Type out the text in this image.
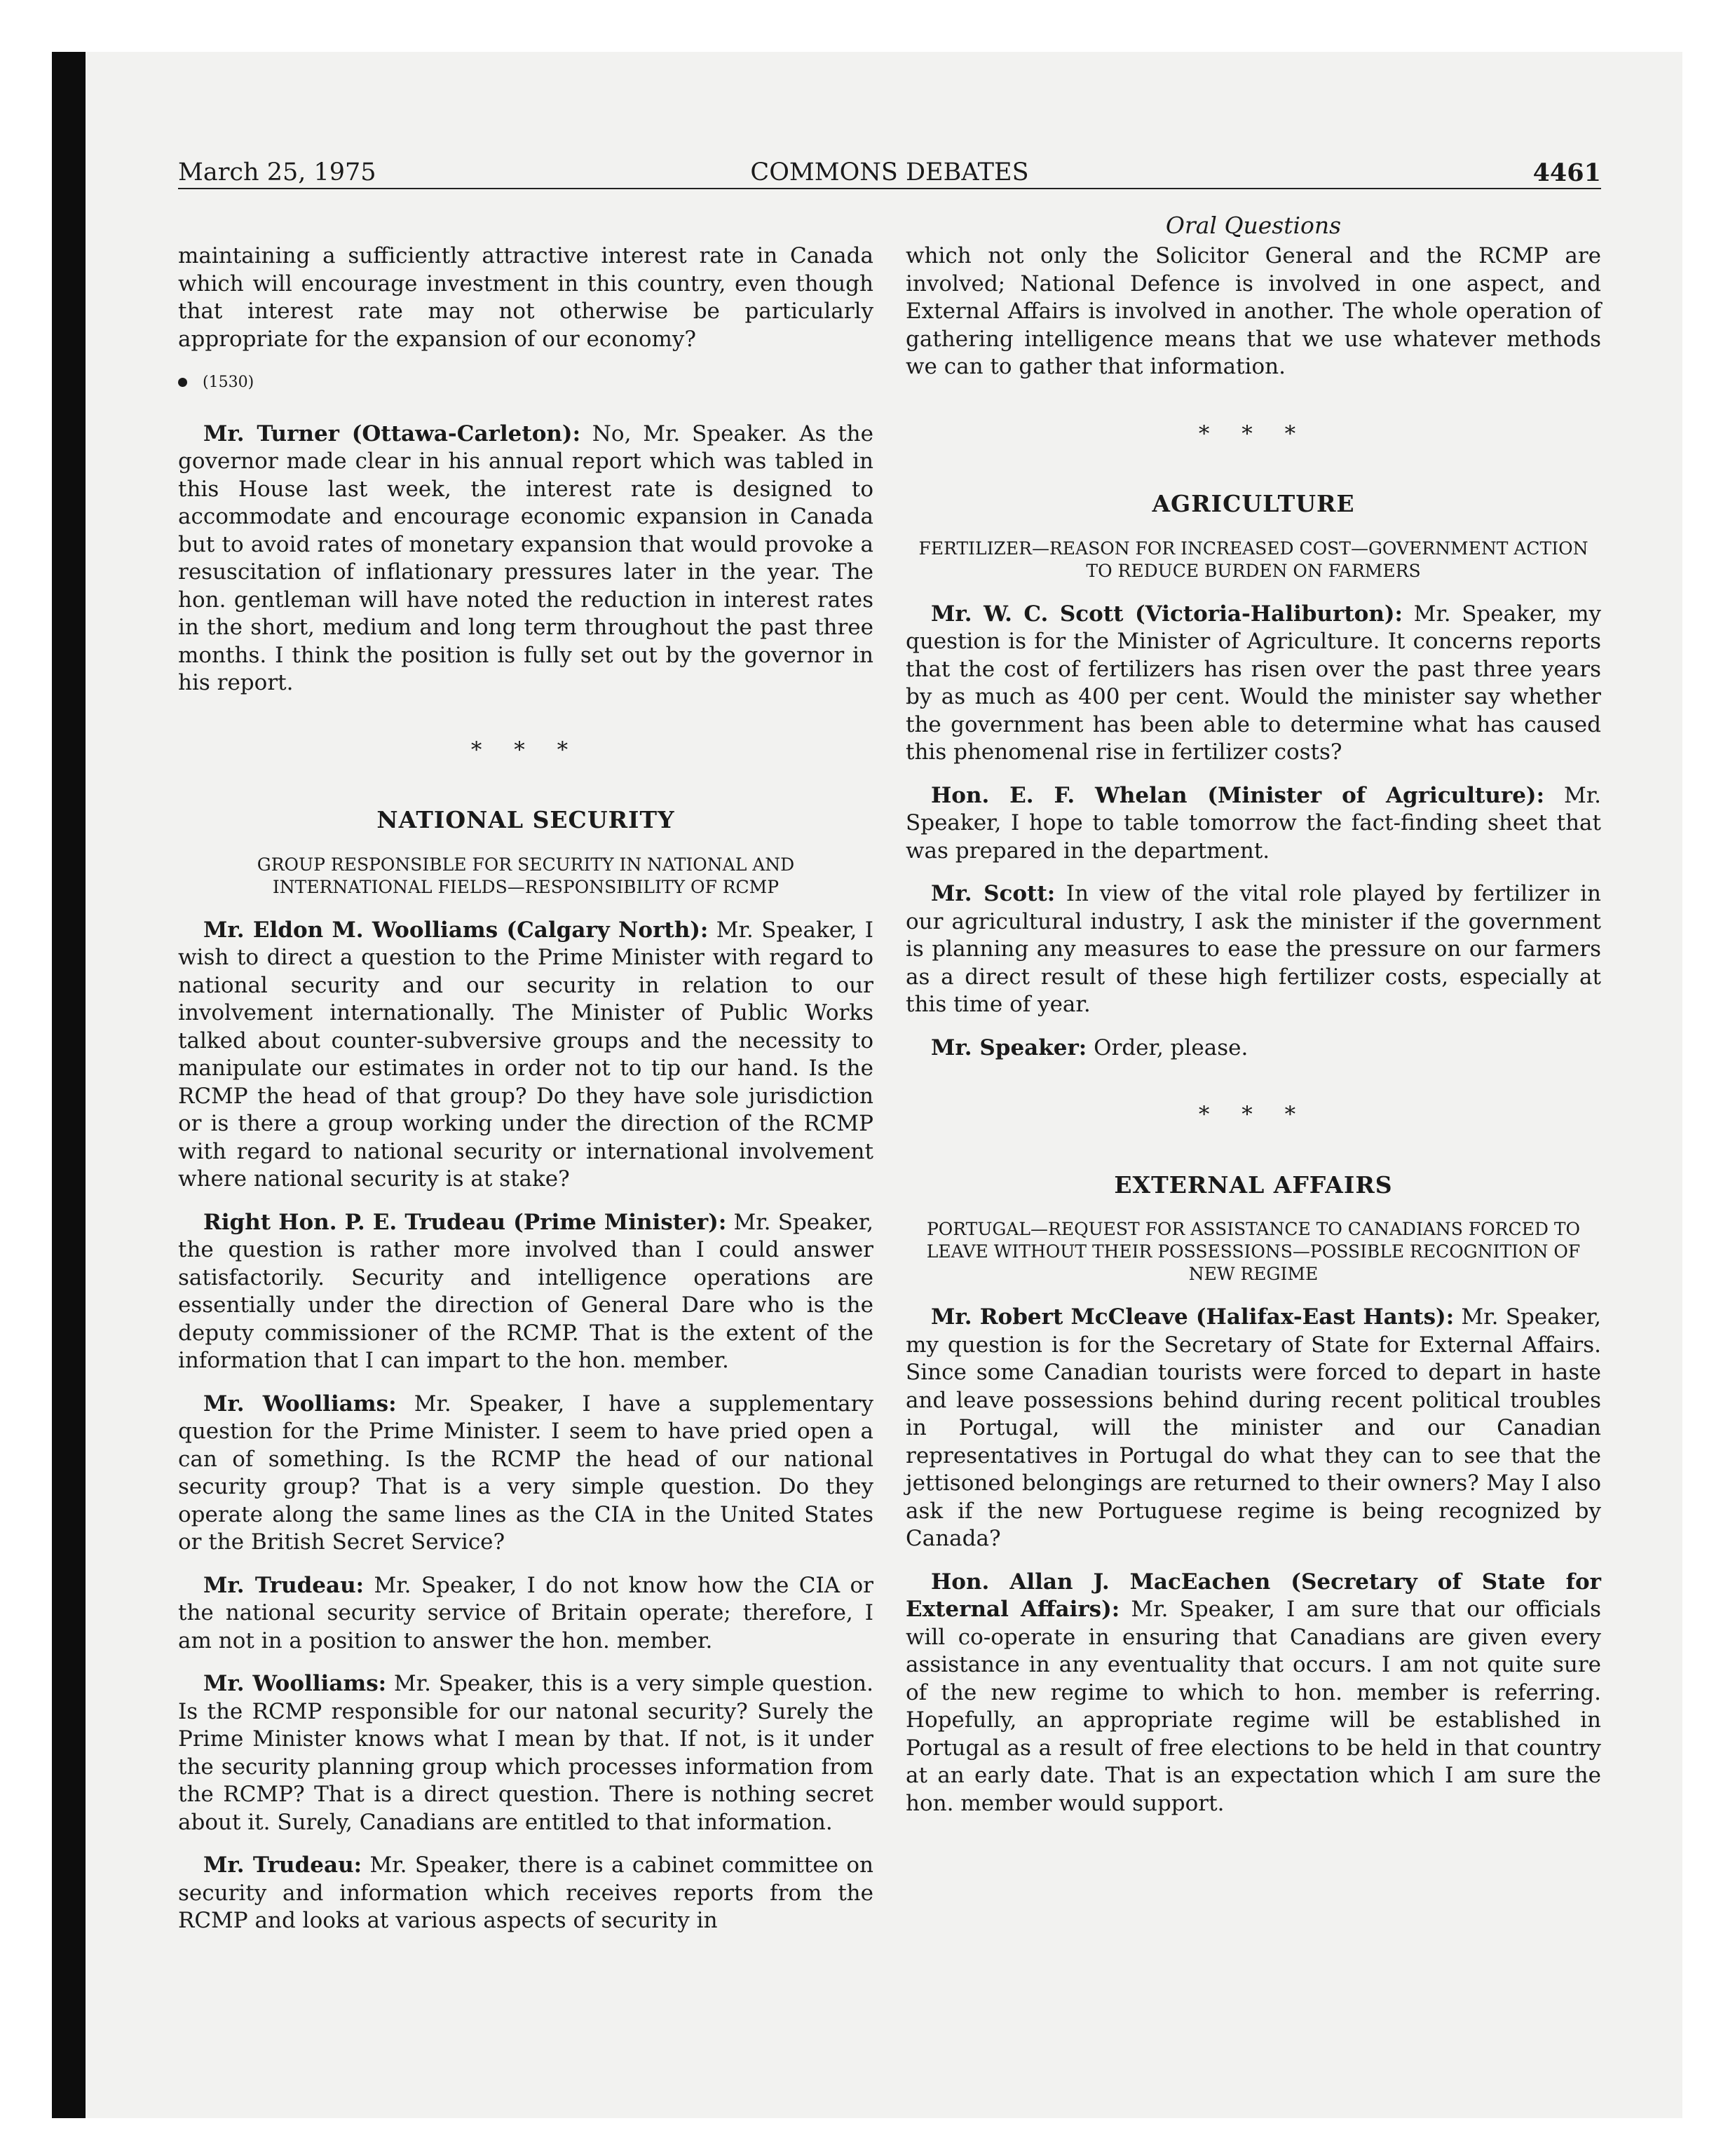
March 25, 1975	COMMONS DEBATES	4461
Oral Questions

maintaining a sufficiently attractive interest rate in Canada which will encourage investment in this country, even though that interest rate may not otherwise be particularly appropriate for the expansion of our economy?

(1530)

Mr. Turner (Ottawa-Carleton): No, Mr. Speaker. As the governor made clear in his annual report which was tabled in this House last week, the interest rate is designed to accommodate and encourage economic expansion in Canada but to avoid rates of monetary expansion that would provoke a resuscitation of inflationary pressures later in the year. The hon. gentleman will have noted the reduction in interest rates in the short, medium and long term throughout the past three months. I think the position is fully set out by the governor in his report.

* * *
NATIONAL SECURITY
GROUP RESPONSIBLE FOR SECURITY IN NATIONAL AND INTERNATIONAL FIELDS—RESPONSIBILITY OF RCMP

Mr. Eldon M. Woolliams (Calgary North): Mr. Speaker, I wish to direct a question to the Prime Minister with regard to national security and our security in relation to our involvement internationally. The Minister of Public Works talked about counter-subversive groups and the necessity to manipulate our estimates in order not to tip our hand. Is the RCMP the head of that group? Do they have sole jurisdiction or is there a group working under the direction of the RCMP with regard to national security or international involvement where national security is at stake?

Right Hon. P. E. Trudeau (Prime Minister): Mr. Speaker, the question is rather more involved than I could answer satisfactorily. Security and intelligence operations are essentially under the direction of General Dare who is the deputy commissioner of the RCMP. That is the extent of the information that I can impart to the hon. member.

Mr. Woolliams: Mr. Speaker, I have a supplementary question for the Prime Minister. I seem to have pried open a can of something. Is the RCMP the head of our national security group? That is a very simple question. Do they operate along the same lines as the CIA in the United States or the British Secret Service?

Mr. Trudeau: Mr. Speaker, I do not know how the CIA or the national security service of Britain operate; therefore, I am not in a position to answer the hon. member.

Mr. Woolliams: Mr. Speaker, this is a very simple question. Is the RCMP responsible for our natonal security? Surely the Prime Minister knows what I mean by that. If not, is it under the security planning group which processes information from the RCMP? That is a direct question. There is nothing secret about it. Surely, Canadians are entitled to that information.

Mr. Trudeau: Mr. Speaker, there is a cabinet committee on security and information which receives reports from the RCMP and looks at various aspects of security in

which not only the Solicitor General and the RCMP are involved; National Defence is involved in one aspect, and External Affairs is involved in another. The whole operation of gathering intelligence means that we use whatever methods we can to gather that information.

* * *
AGRICULTURE
FERTILIZER—REASON FOR INCREASED COST—GOVERNMENT ACTION TO REDUCE BURDEN ON FARMERS

Mr. W. C. Scott (Victoria-Haliburton): Mr. Speaker, my question is for the Minister of Agriculture. It concerns reports that the cost of fertilizers has risen over the past three years by as much as 400 per cent. Would the minister say whether the government has been able to determine what has caused this phenomenal rise in fertilizer costs?

Hon. E. F. Whelan (Minister of Agriculture): Mr. Speaker, I hope to table tomorrow the fact-finding sheet that was prepared in the department.

Mr. Scott: In view of the vital role played by fertilizer in our agricultural industry, I ask the minister if the government is planning any measures to ease the pressure on our farmers as a direct result of these high fertilizer costs, especially at this time of year.

Mr. Speaker: Order, please.

* * *
EXTERNAL AFFAIRS
PORTUGAL—REQUEST FOR ASSISTANCE TO CANADIANS FORCED TO LEAVE WITHOUT THEIR POSSESSIONS—POSSIBLE RECOGNITION OF NEW REGIME

Mr. Robert McCleave (Halifax-East Hants): Mr. Speaker, my question is for the Secretary of State for External Affairs. Since some Canadian tourists were forced to depart in haste and leave possessions behind during recent political troubles in Portugal, will the minister and our Canadian representatives in Portugal do what they can to see that the jettisoned belongings are returned to their owners? May I also ask if the new Portuguese regime is being recognized by Canada?

Hon. Allan J. MacEachen (Secretary of State for External Affairs): Mr. Speaker, I am sure that our officials will co-operate in ensuring that Canadians are given every assistance in any eventuality that occurs. I am not quite sure of the new regime to which to hon. member is referring. Hopefully, an appropriate regime will be established in Portugal as a result of free elections to be held in that country at an early date. That is an expectation which I am sure the hon. member would support.
